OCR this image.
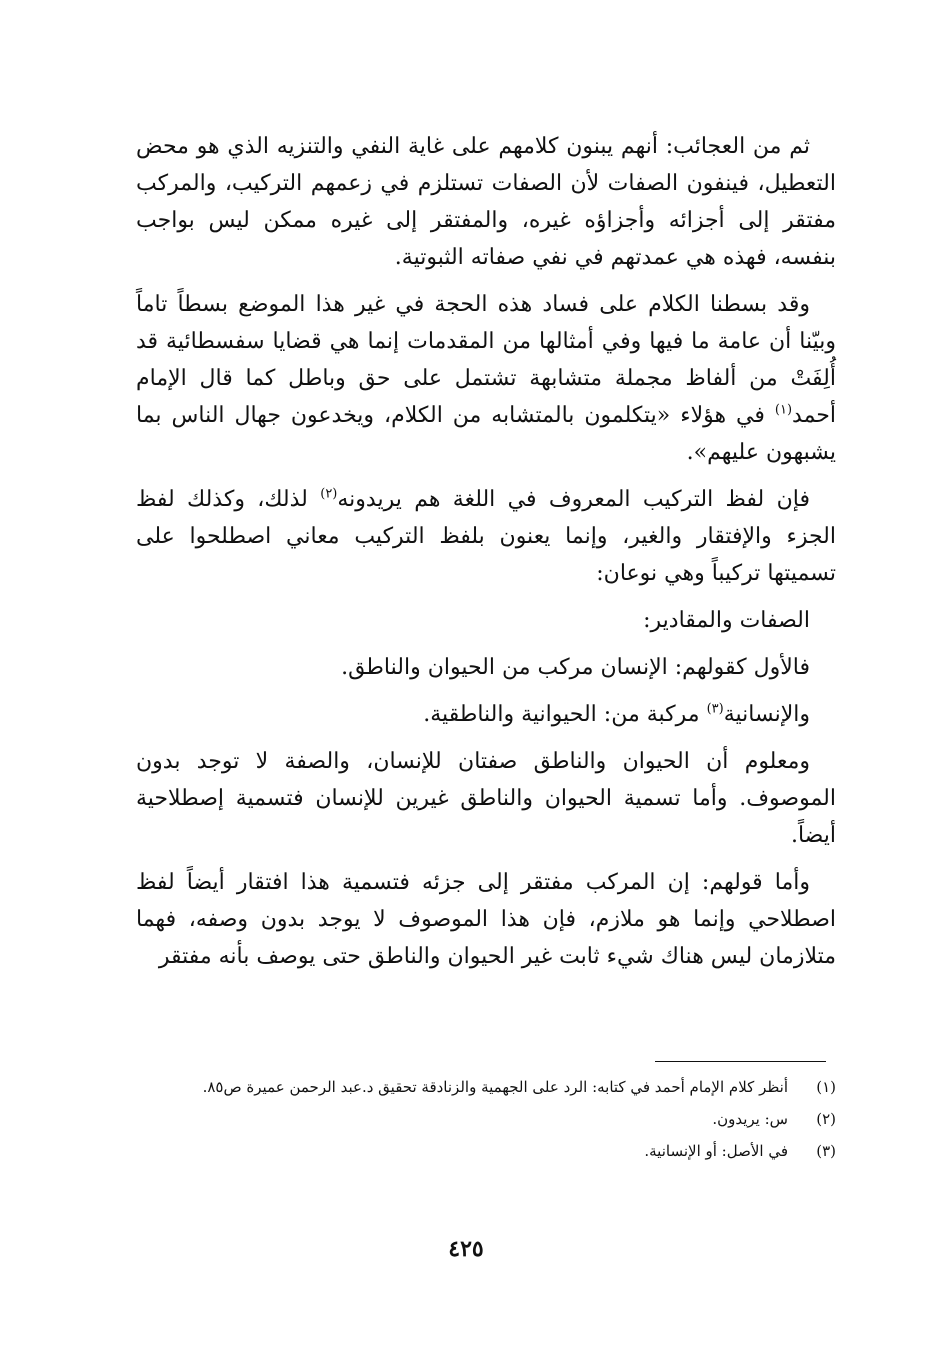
ثم من العجائب: أنهم يبنون كلامهم على غاية النفي والتنزيه الذي هو محض التعطيل، فينفون الصفات لأن الصفات تستلزم في زعمهم التركيب، والمركب مفتقر إلى أجزائه وأجزاؤه غيره، والمفتقر إلى غيره ممكن ليس بواجب بنفسه، فهذه هي عمدتهم في نفي صفاته الثبوتية.

وقد بسطنا الكلام على فساد هذه الحجة في غير هذا الموضع بسطاً تاماً وبيّنا أن عامة ما فيها وفي أمثالها من المقدمات إنما هي قضايا سفسطائية قد أُلِفَتْ من ألفاظ مجملة متشابهة تشتمل على حق وباطل كما قال الإمام أحمد$^{(١)}$ في هؤلاء «يتكلمون بالمتشابه من الكلام، ويخدعون جهال الناس بما يشبهون عليهم».

فإن لفظ التركيب المعروف في اللغة هم يريدونه$^{(٢)}$ لذلك، وكذلك لفظ الجزء والإفتقار والغير، وإنما يعنون بلفظ التركيب معاني اصطلحوا على تسميتها تركيباً وهي نوعان:

الصفات والمقادير:

فالأول كقولهم: الإنسان مركب من الحيوان والناطق.

والإنسانية$^{(٣)}$ مركبة من: الحيوانية والناطقية.

ومعلوم أن الحيوان والناطق صفتان للإنسان، والصفة لا توجد بدون الموصوف. وأما تسمية الحيوان والناطق غيرين للإنسان فتسمية إصطلاحية أيضاً.

وأما قولهم: إن المركب مفتقر إلى جزئه فتسمية هذا افتقار أيضاً لفظ اصطلاحي وإنما هو ملازم، فإن هذا الموصوف لا يوجد بدون وصفه، فهما متلازمان ليس هناك شيء ثابت غير الحيوان والناطق حتى يوصف بأنه مفتقر

(١)
أنظر كلام الإمام أحمد في كتابه: الرد على الجهمية والزنادقة تحقيق د.عبد الرحمن عميرة ص٨٥.
(٢)
س: يريدون.
(٣)
في الأصل: أو الإنسانية.
٤٢٥
